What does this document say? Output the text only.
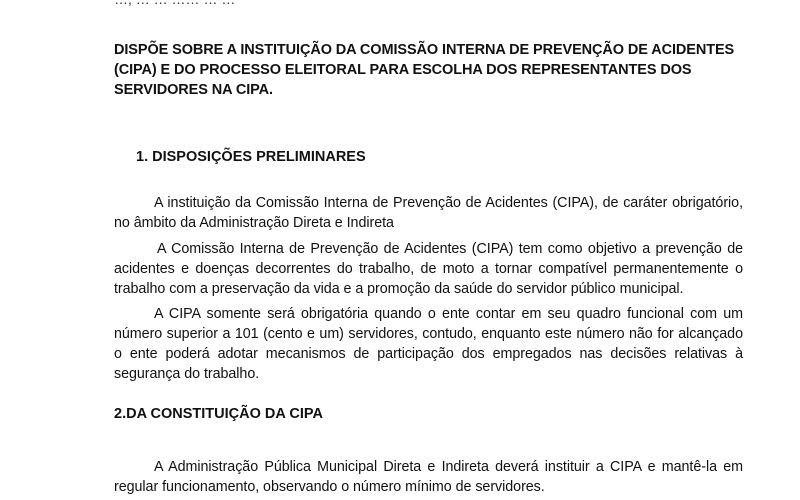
DISPÕE SOBRE A INSTITUIÇÃO DA COMISSÃO INTERNA DE PREVENÇÃO DE ACIDENTES (CIPA) E DO PROCESSO ELEITORAL PARA ESCOLHA DOS REPRESENTANTES DOS SERVIDORES NA CIPA.
1. DISPOSIÇÕES PRELIMINARES
A instituição da Comissão Interna de Prevenção de Acidentes (CIPA), de caráter obrigatório, no âmbito da Administração Direta e Indireta
A Comissão Interna de Prevenção de Acidentes (CIPA) tem como objetivo a prevenção de acidentes e doenças decorrentes do trabalho, de moto a tornar compatível permanentemente o trabalho com a preservação da vida e a promoção da saúde do servidor público municipal.
A CIPA somente será obrigatória quando o ente contar em seu quadro funcional com um número superior a 101 (cento e um) servidores, contudo, enquanto este número não for alcançado o ente poderá adotar mecanismos de participação dos empregados nas decisões relativas à segurança do trabalho.
2.DA CONSTITUIÇÃO DA CIPA
A Administração Pública Municipal Direta e Indireta deverá instituir a CIPA e mantê-la em regular funcionamento, observando o número mínimo de servidores.
